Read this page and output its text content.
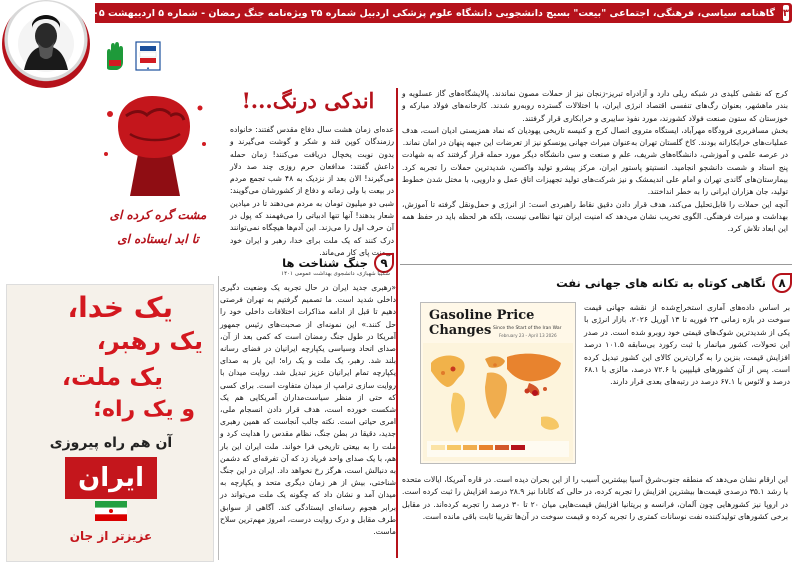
۳
گاهنامه سیاسی، فرهنگی، اجتماعی "بیعت" بسیج دانشجویی دانشگاه علوم پزشکی اردبیل شماره ۳۵ ویژه‌نامه جنگ رمضان - شماره ۵ اردیبهشت ۱۴۰۵
◆

کرج که نقشی کلیدی در شبکه ریلی دارد و آزادراه تبریز-زنجان نیز از حملات مصون نماندند. پالایشگاه‌های گاز عسلویه و بندر ماهشهر، بعنوان رگ‌های تنفسی اقتصاد انرژی ایران، با اختلالات گسترده روبه‌رو شدند. کارخانه‌های فولاد مبارکه و خوزستان که ستون صنعت فولاد کشورند، مورد نفوذ سایبری و خرابکاری قرار گرفتند.

بخش مسافربری فرودگاه مهرآباد، ایستگاه متروی اتصال کرج و کنیسه تاریخی یهودیان که نماد همزیستی ادیان است، هدف عملیات‌های خرابکارانه بودند. کاخ گلستان تهران به‌عنوان میراث جهانی یونسکو نیز از تعرضات این جبهه پنهان در امان نماند.

در عرصه علمی و آموزشی، دانشگاه‌های شریف، علم و صنعت و سی دانشگاه دیگر مورد حمله قرار گرفتند که به شهادت پنج استاد و شصت دانشجو انجامید. انستیتو پاستور ایران، مرکز پیشرو تولید واکسن، شدیدترین حملات را تجربه کرد. بیمارستان‌های گاندی تهران و امام علی اندیمشک و نیز شرکت‌های تولید تجهیزات اتاق عمل و دارویی، با مختل شدن خطوط تولید، جان هزاران ایرانی را به خطر انداختند.

آنچه این حملات را قابل‌تحلیل می‌کند، هدف قرار دادن دقیق نقاط راهبردی است: از انرژی و حمل‌ونقل گرفته تا آموزش، بهداشت و میراث فرهنگی. الگوی تخریب نشان می‌دهد که امنیت ایران تنها نظامی نیست، بلکه هر لحظه باید در حفظ همه این ابعاد تلاش کرد.

۸
نگاهی کوتاه به تکانه های جهانی نفت
Gasoline Price
Changes Since the Start of the Iran War
February 23 - April 13 2026
بر اساس داده‌های آماری استخراج‌شده از نقشه جهانی قیمت سوخت در بازه زمانی ۲۳ فوریه تا ۱۳ آوریل ۲۰۲۶، بازار انرژی با یکی از شدیدترین شوک‌های قیمتی خود روبرو شده است. در صدر این تحولات، کشور میانمار با ثبت رکورد بی‌سابقه ۱۰۱.۵ درصد افزایش قیمت، بنزین را به گران‌ترین کالای این کشور تبدیل کرده است. پس از آن کشورهای فیلیپین با ۷۲.۶ درصد، مالزی با ۶۸.۱ درصد و لائوس با ۶۷.۱ درصد در رتبه‌های بعدی قرار دارند.
این ارقام نشان می‌دهد که منطقه جنوب‌شرق آسیا بیشترین آسیب را از این بحران دیده است. در قاره آمریکا، ایالات متحده با رشد ۳۵.۱ درصدی قیمت‌ها بیشترین افزایش را تجربه کرده، در حالی که کانادا نیز ۲۸.۹ درصد افزایش را ثبت کرده است. در اروپا نیز کشورهایی چون آلمان، فرانسه و بریتانیا افزایش قیمت‌هایی میان ۲۰ تا ۳۰ درصد را تجربه کرده‌اند. در مقابل برخی کشورهای تولیدکننده نفت نوسانات کمتری را تجربه کرده و قیمت سوخت در آن‌ها تقریبا ثابت باقی مانده است.
اندکی درنگ...!
عده‌ای زمان هشت سال دفاع مقدس گفتند: خانواده رزمندگان کوپن قند و شکر و گوشت می‌گیرند و بدون نوبت یخچال دریافت می‌کنند! زمان حمله داعش گفتند: مدافعان حرم روزی چند صد دلار می‌گیرند! الان بعد از نزدیک به ۴۸ شب تجمع مردم در بیعت با ولی زمانه و دفاع از کشورشان می‌گویند: شبی دو میلیون تومان به مردم می‌دهند تا در میادین شعار بدهند! آنها تنها ادبیاتی را می‌فهمند که پول در آن حرف اول را می‌زند. این آدم‌ها هیچگاه نمی‌توانند درک کنند که یک ملت برای خدا، رهبر و ایران خود بی‌منت پای کار می‌ماند.
مشت گره کرده ای
تا ابد ایستاده ای
۹
جنگ شناخت ها
شکیبا شهبازی، دانشجوی بهداشت عمومی ۱۴۰۱
«رهبری جدید ایران در حال تجربه یک وضعیت دگیری داخلی شدید است. ما تصمیم گرفتیم به تهران فرصتی دهیم تا قبل از ادامه مذاکرات اختلافات داخلی خود را حل کنند.» این نمونه‌ای از صحبت‌های رئیس جمهور آمریکا در طول جنگ رمضان است که کمی بعد از آن، صدای اتحاد وسیاسی یکپارچه ایرانیان در فضای رسانه بلند شد. رهبر، یک ملت و یک راه؛ این بار به صدای یکپارچه تمام ایرانیان عزیز تبدیل شد. روایت میدان با روایت سازی ترامپ از میدان متفاوت است. برای کسی که حتی از منظر سیاست‌مداران آمریکایی هم یک شکست خورده است، هدف قرار دادن انسجام ملی، امری حیاتی است. نکته جالب آنجاست که همین رهبری جدید، دقیقا در بطن جنگ، نظام مقدس را هدایت کرد و ملت را به بیعتی تاریخی فرا خواند. ملت ایران این بار هم، با یک صدای واحد فریاد زد که آن تفرقه‌ای که دشمن به دنبالش است، هرگز رخ نخواهد داد. ایران در این جنگ شناختی، بیش از هر زمان دیگری متحد و یکپارچه به میدان آمد و نشان داد که چگونه یک ملت می‌تواند در برابر هجوم رسانه‌ای ایستادگی کند. آگاهی از سوابق طرف مقابل و درک روایت درست، امروز مهم‌ترین سلاح ماست.
یک خدا،
یک رهبر،
یک ملت،
و یک راه؛
آن هم راه پیروزی
ایران
عزیزتر از جان
